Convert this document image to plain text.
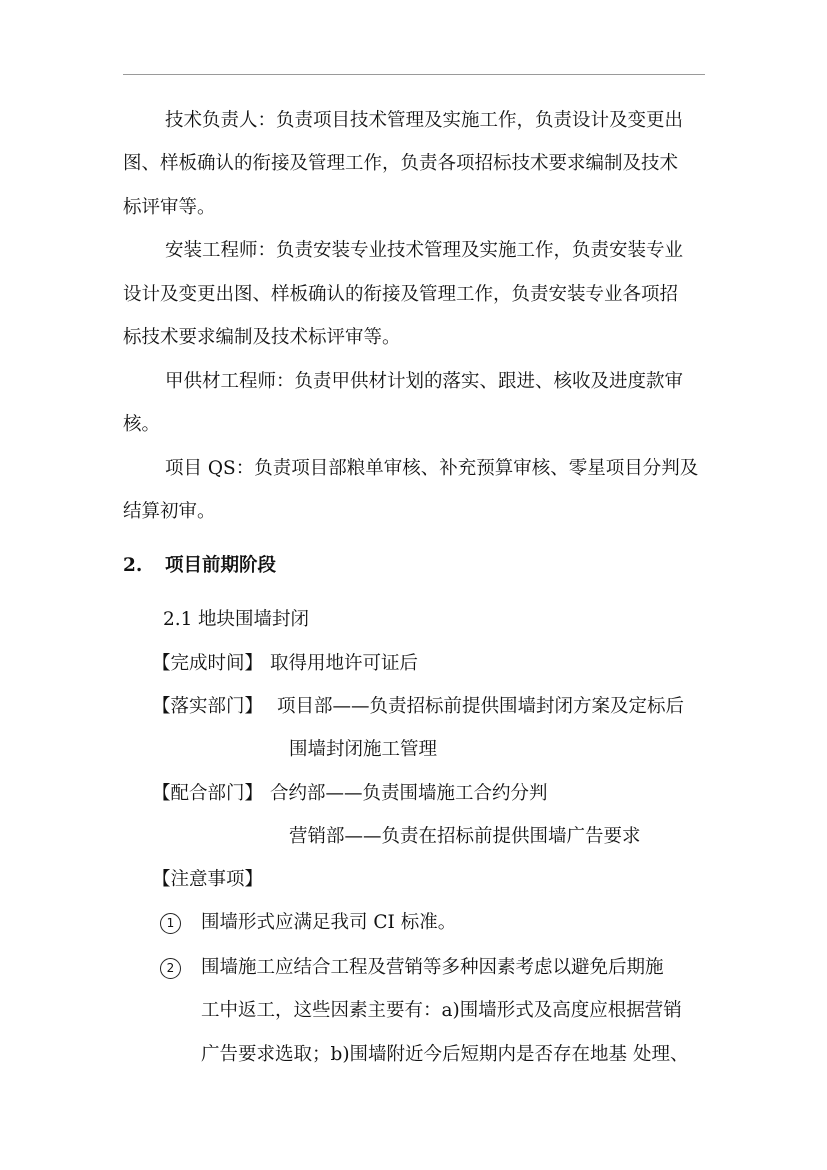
技术负责人：负责项目技术管理及实施工作，负责设计及变更出
图、样板确认的衔接及管理工作，负责各项招标技术要求编制及技术
标评审等。
安装工程师：负责安装专业技术管理及实施工作，负责安装专业
设计及变更出图、样板确认的衔接及管理工作，负责安装专业各项招
标技术要求编制及技术标评审等。
甲供材工程师：负责甲供材计划的落实、跟进、核收及进度款审
核。
项目 QS：负责项目部粮单审核、补充预算审核、零星项目分判及
结算初审。
2. 项目前期阶段
2.1 地块围墙封闭
【完成时间】 取得用地许可证后
【落实部门】 项目部——负责招标前提供围墙封闭方案及定标后
围墙封闭施工管理
【配合部门】 合约部——负责围墙施工合约分判
营销部——负责在招标前提供围墙广告要求
【注意事项】
1	围墙形式应满足我司 CI 标准。
2	围墙施工应结合工程及营销等多种因素考虑以避免后期施
工中返工，这些因素主要有：a)围墙形式及高度应根据营销
广告要求选取；b)围墙附近今后短期内是否存在地基 处理、
